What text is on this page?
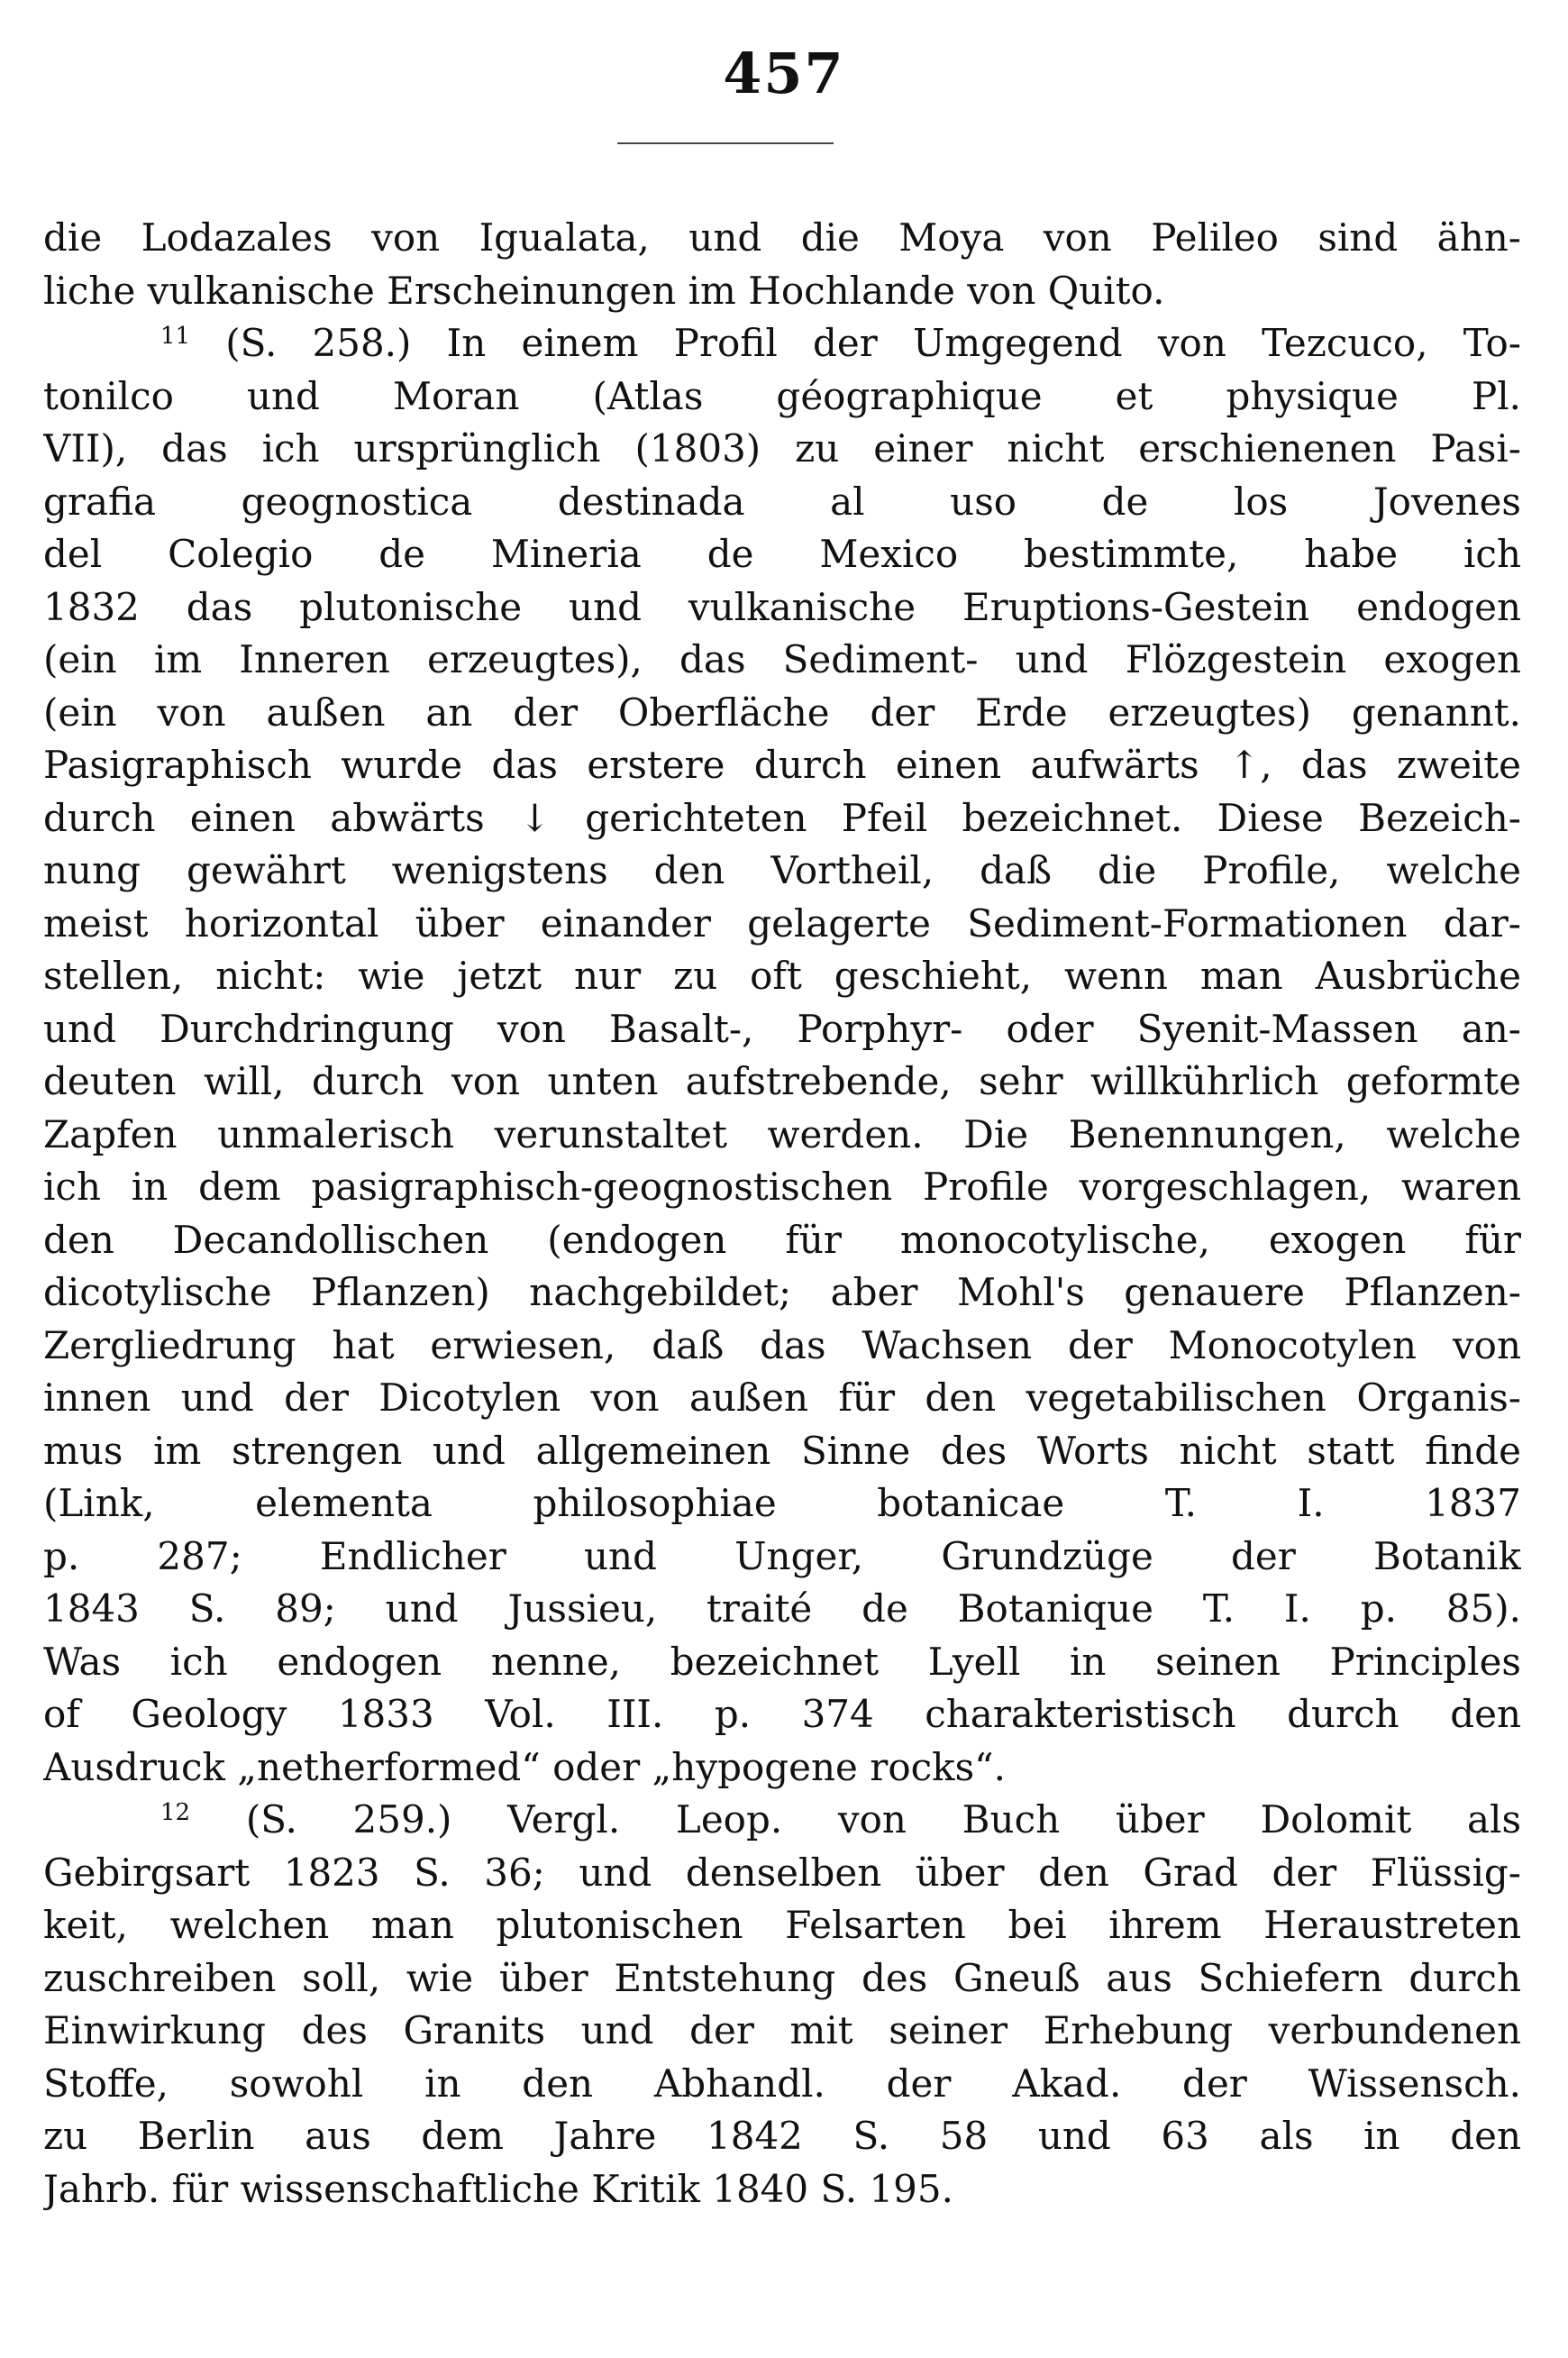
457
die Lodazales von Igualata, und die Moya von Pelileo sind ähn-
liche vulkanische Erscheinungen im Hochlande von Quito.
$^{11}$ (S. 258.) In einem Profil der Umgegend von Tezcuco, To-
tonilco und Moran (Atlas géographique et physique Pl.
VII), das ich ursprünglich (1803) zu einer nicht erschienenen Pasi-
grafia geognostica destinada al uso de los Jovenes
del Colegio de Mineria de Mexico bestimmte, habe ich
1832 das plutonische und vulkanische Eruptions-Gestein endogen
(ein im Inneren erzeugtes), das Sediment- und Flözgestein exogen
(ein von außen an der Oberfläche der Erde erzeugtes) genannt.
Pasigraphisch wurde das erstere durch einen aufwärts ↑, das zweite
durch einen abwärts ↓ gerichteten Pfeil bezeichnet. Diese Bezeich-
nung gewährt wenigstens den Vortheil, daß die Profile, welche
meist horizontal über einander gelagerte Sediment-Formationen dar-
stellen, nicht: wie jetzt nur zu oft geschieht, wenn man Ausbrüche
und Durchdringung von Basalt-, Porphyr- oder Syenit-Massen an-
deuten will, durch von unten aufstrebende, sehr willkührlich geformte
Zapfen unmalerisch verunstaltet werden. Die Benennungen, welche
ich in dem pasigraphisch-geognostischen Profile vorgeschlagen, waren
den Decandollischen (endogen für monocotylische, exogen für
dicotylische Pflanzen) nachgebildet; aber Mohl's genauere Pflanzen-
Zergliedrung hat erwiesen, daß das Wachsen der Monocotylen von
innen und der Dicotylen von außen für den vegetabilischen Organis-
mus im strengen und allgemeinen Sinne des Worts nicht statt finde
(Link, elementa philosophiae botanicae T. I. 1837
p. 287; Endlicher und Unger, Grundzüge der Botanik
1843 S. 89; und Jussieu, traité de Botanique T. I. p. 85).
Was ich endogen nenne, bezeichnet Lyell in seinen Principles
of Geology 1833 Vol. III. p. 374 charakteristisch durch den
Ausdruck „netherformed“ oder „hypogene rocks“.
$^{12}$ (S. 259.) Vergl. Leop. von Buch über Dolomit als
Gebirgsart 1823 S. 36; und denselben über den Grad der Flüssig-
keit, welchen man plutonischen Felsarten bei ihrem Heraustreten
zuschreiben soll, wie über Entstehung des Gneuß aus Schiefern durch
Einwirkung des Granits und der mit seiner Erhebung verbundenen
Stoffe, sowohl in den Abhandl. der Akad. der Wissensch.
zu Berlin aus dem Jahre 1842 S. 58 und 63 als in den
Jahrb. für wissenschaftliche Kritik 1840 S. 195.
